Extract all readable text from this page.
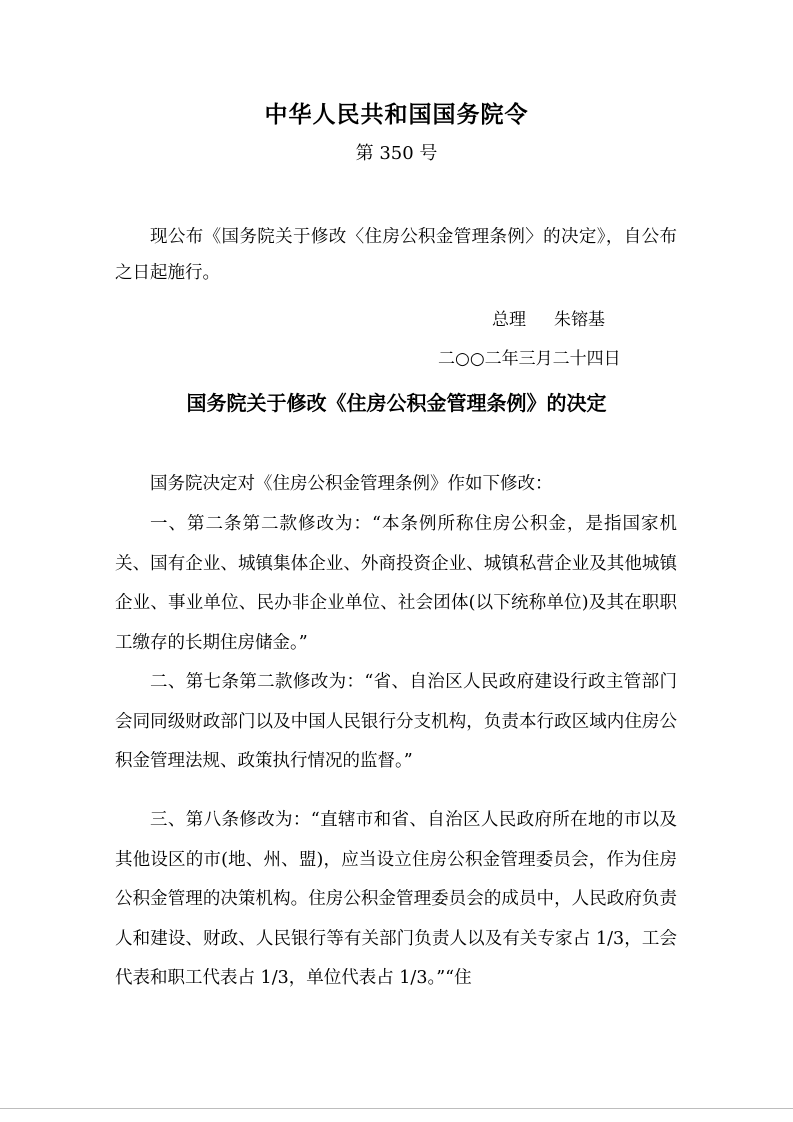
中华人民共和国国务院令
第 350 号

现公布《国务院关于修改〈住房公积金管理条例〉的决定》，自公布之日起施行。

总理 朱镕基
二○○二年三月二十四日
国务院关于修改《住房公积金管理条例》的决定

国务院决定对《住房公积金管理条例》作如下修改：

一、第二条第二款修改为：“本条例所称住房公积金，是指国家机关、国有企业、城镇集体企业、外商投资企业、城镇私营企业及其他城镇企业、事业单位、民办非企业单位、社会团体(以下统称单位)及其在职职工缴存的长期住房储金。”

二、第七条第二款修改为：“省、自治区人民政府建设行政主管部门会同同级财政部门以及中国人民银行分支机构，负责本行政区域内住房公积金管理法规、政策执行情况的监督。”

三、第八条修改为：“直辖市和省、自治区人民政府所在地的市以及其他设区的市(地、州、盟)，应当设立住房公积金管理委员会，作为住房公积金管理的决策机构。住房公积金管理委员会的成员中，人民政府负责人和建设、财政、人民银行等有关部门负责人以及有关专家占 1/3，工会代表和职工代表占 1/3，单位代表占 1/3。”“住
